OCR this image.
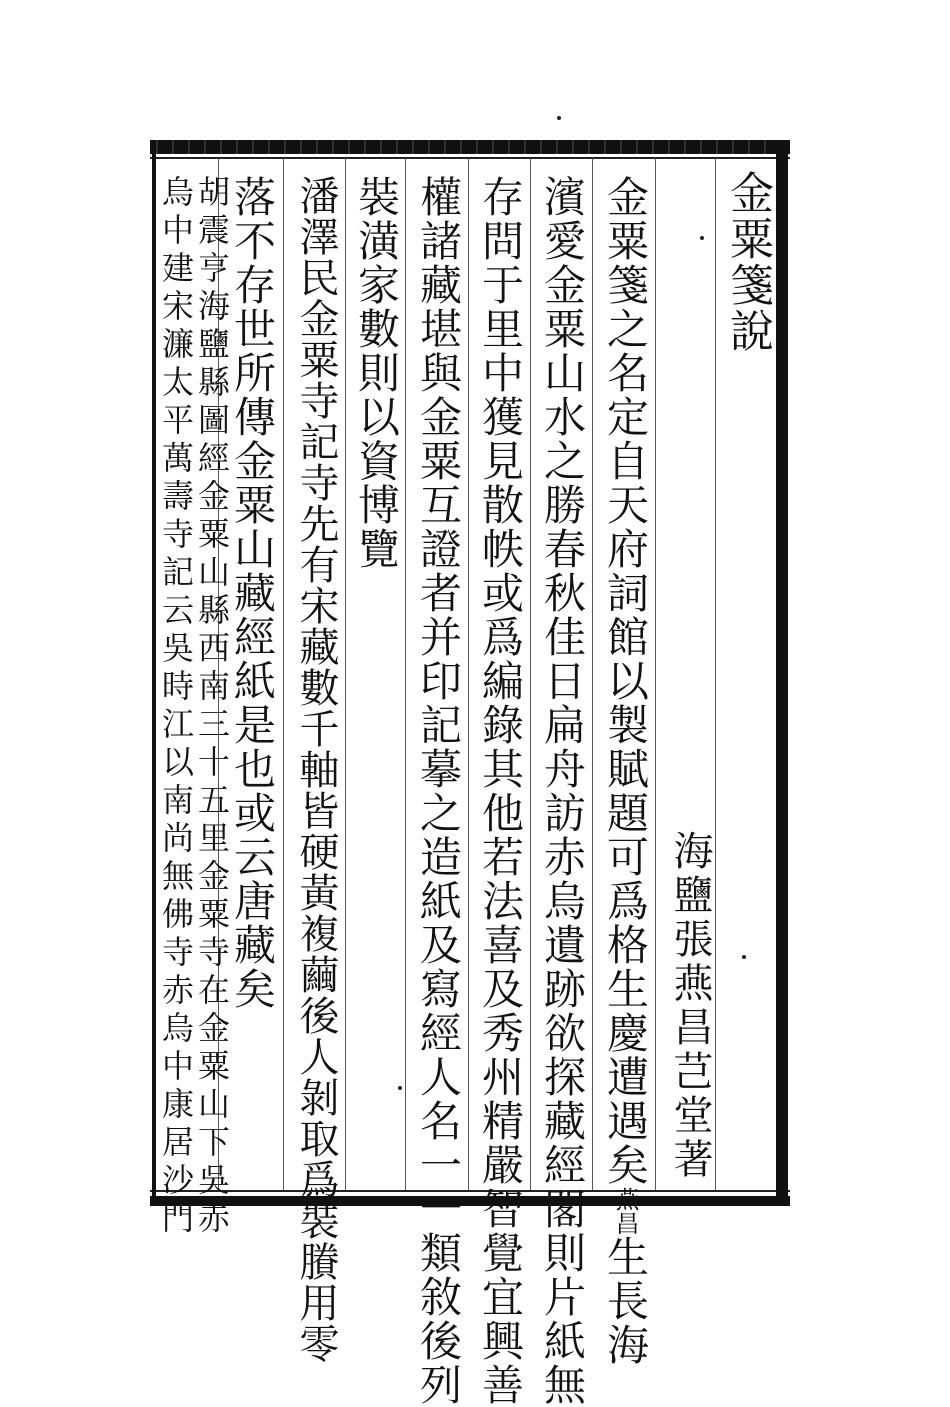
金粟箋說
海鹽張燕昌芑堂著
金粟箋之名定自天府詞館以製賦題可爲格生慶遭遇矣燕昌生長海
濱愛金粟山水之勝春秋佳日扁舟訪赤烏遺跡欲探藏經閣則片紙無
存問于里中獲見散帙或爲編錄其他若法喜及秀州精嚴智覺宜興善
權諸藏堪與金粟互證者并印記摹之造紙及寫經人名一一類敘後列
裝潢家數則以資博覽
潘澤民金粟寺記寺先有宋藏數千軸皆硬黃複繭後人剝取爲裝賸用零
落不存世所傳金粟山藏經紙是也或云唐藏矣
胡震亨海鹽縣圖經金粟山縣西南三十五里金粟寺在金粟山下吳赤
烏中建宋濂太平萬壽寺記云吳時江以南尚無佛寺赤烏中康居沙門
